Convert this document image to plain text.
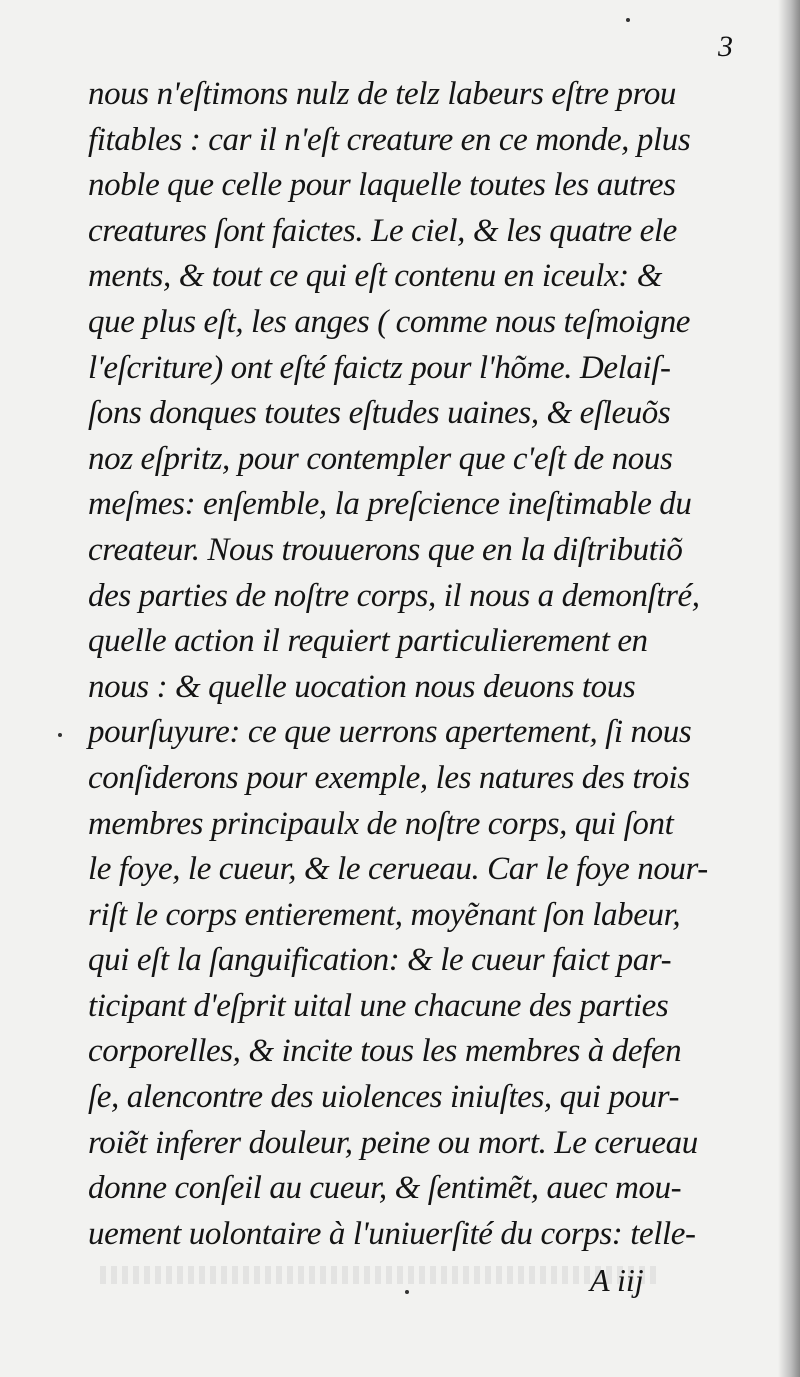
3
nous n'eſtimons nulz de telz labeurs eſtre prou
fitables : car il n'eſt creature en ce monde, plus
noble que celle pour laquelle toutes les autres
creatures ſont faictes. Le ciel, & les quatre ele
ments, & tout ce qui eſt contenu en iceulx: &
que plus eſt, les anges ( comme nous teſmoigne
l'eſcriture) ont eſté faictz pour l'hõme. Delaiſ-
ſons donques toutes eſtudes uaines, & eſleuõs
noz eſpritz, pour contempler que c'eſt de nous
meſmes: enſemble, la preſcience ineſtimable du
createur. Nous trouuerons que en la diſtributiõ
des parties de noſtre corps, il nous a demonſtré,
quelle action il requiert particulierement en
nous : & quelle uocation nous deuons tous
pourſuyure: ce que uerrons apertement, ſi nous
conſiderons pour exemple, les natures des trois
membres principaulx de noſtre corps, qui ſont
le foye, le cueur, & le cerueau. Car le foye nour-
riſt le corps entierement, moyẽnant ſon labeur,
qui eſt la ſanguification: & le cueur faict par-
ticipant d'eſprit uital une chacune des parties
corporelles, & incite tous les membres à defen
ſe, alencontre des uiolences iniuſtes, qui pour-
roiẽt inferer douleur, peine ou mort. Le cerueau
donne conſeil au cueur, & ſentimẽt, auec mou-
uement uolontaire à l'uniuerſité du corps: telle-
A iij
